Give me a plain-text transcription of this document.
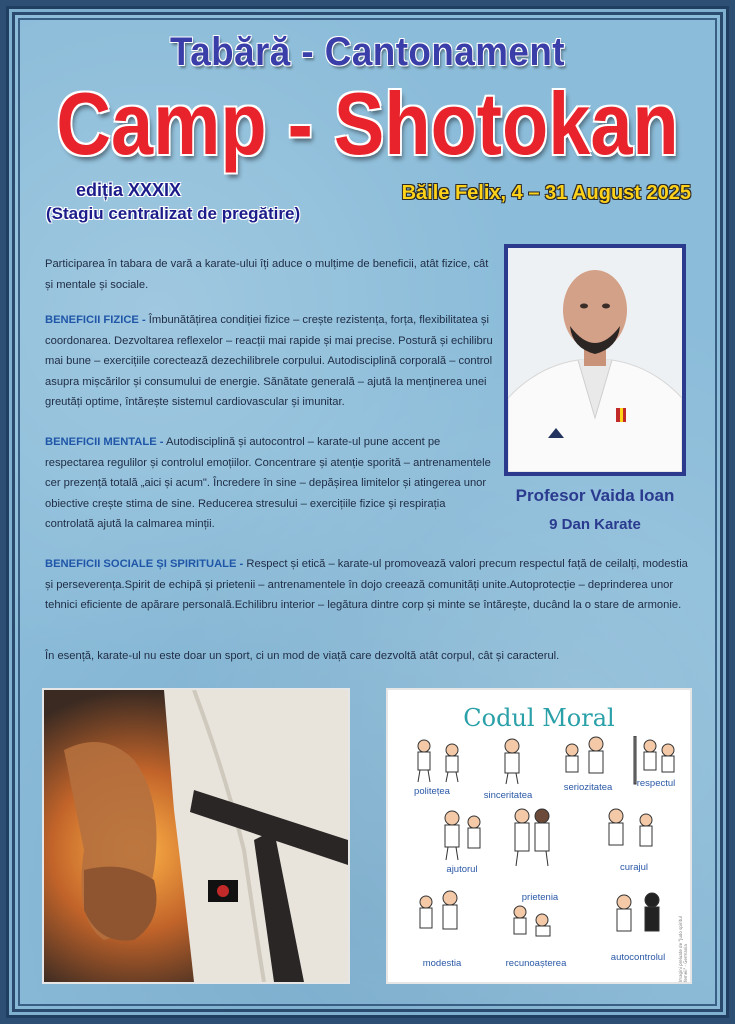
Tabără - Cantonament
Camp - Shotokan
ediția XXXIX
(Stagiu centralizat de pregătire)
Băile Felix, 4 – 31 August 2025

Participarea în tabara de vară a karate-ului îți aduce o mulțime de beneficii, atât fizice, cât și mentale și sociale.

BENEFICII FIZICE - Îmbunătățirea condiției fizice – crește rezistența, forța, flexibilitatea și coordonarea. Dezvoltarea reflexelor – reacții mai rapide și mai precise. Postură și echilibru mai bune – exercițiile corectează dezechilibrele corpului. Autodisciplină corporală – control asupra mișcărilor și consumului de energie. Sănătate generală – ajută la menținerea unei greutăți optime, întărește sistemul cardiovascular și imunitar.

BENEFICII MENTALE - Autodisciplină și autocontrol – karate-ul pune accent pe respectarea regulilor și controlul emoțiilor. Concentrare și atenție sporită – antrenamentele cer prezență totală „aici și acum". Încredere în sine – depășirea limitelor și atingerea unor obiective crește stima de sine. Reducerea stresului – exercițiile fizice și respirația controlată ajută la calmarea minții.

BENEFICII SOCIALE ȘI SPIRITUALE - Respect și etică – karate-ul promovează valori precum respectul față de ceilalți, modestia și perseverența.Spirit de echipă și prietenii – antrenamentele în dojo creează comunități unite.Autoprotecție – deprinderea unor tehnici eficiente de apărare personală.Echilibru interior – legătura dintre corp și minte se întărește, ducând la o stare de armonie.

În esență, karate-ul nu este doar un sport, ci un mod de viață care dezvoltă atât corpul, cât și caracterul.

Profesor Vaida Ioan
9 Dan Karate
Codul Moral
politețea	sinceritatea
seriozitatea	respectul
ajutorul
prietenia
curajul
modestia	recunoașterea
autocontrolul	Imagini preluate de "Judo spiritul femeii" - Germania
